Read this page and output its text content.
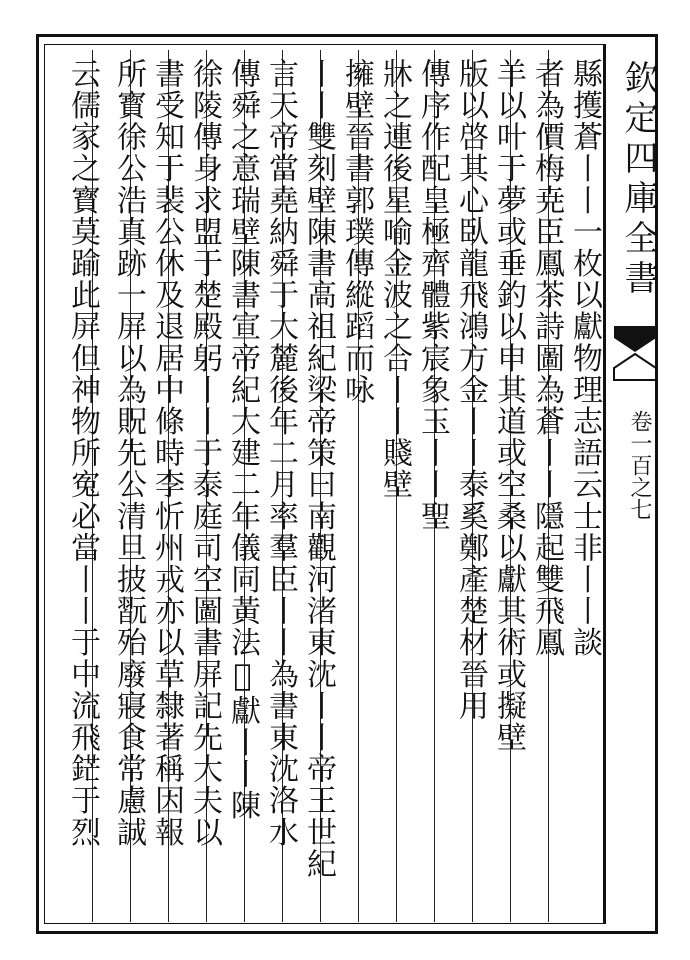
欽定四庫全書
卷一百之七
縣擭蒼丨丨一枚以獻物理志語云士非丨丨談
者為價梅尭臣鳳茶詩圖為蒼丨丨隱起雙飛鳳
羊以叶于夢或垂釣以申其道或空桑以獻其術或擬壁
版以啓其心臥龍飛鴻方金丨丨泰奚鄭產楚材晉用
傳序作配皇極齊體紫宸象玉丨丨聖
牀之連後星喻金波之合丨丨賤壁
擁壁晉書郭璞傳縱蹈而咏
丨丨雙刻壁陳書高祖紀梁帝策曰南觀河渚東沈丨丨帝王世紀
言天帝當堯納舜于大麓後年二月率羣臣丨丨為書東沈洛水
傳舜之意瑞壁陳書宣帝紀大建二年儀同黃法𣯛獻丨丨陳
徐陵傳身求盟于楚殿躬丨丨于泰庭司空圖書屏記先大夫以
書受知于裴公休及退居中條時李忻州戎亦以草隸著稱因報
所寳徐公浩真跡一屏以為貺先公清旦披翫殆廢寢食常慮誠
云儒家之寳莫踰此屏但神物所寃必當丨丨于中流飛鋩于烈
